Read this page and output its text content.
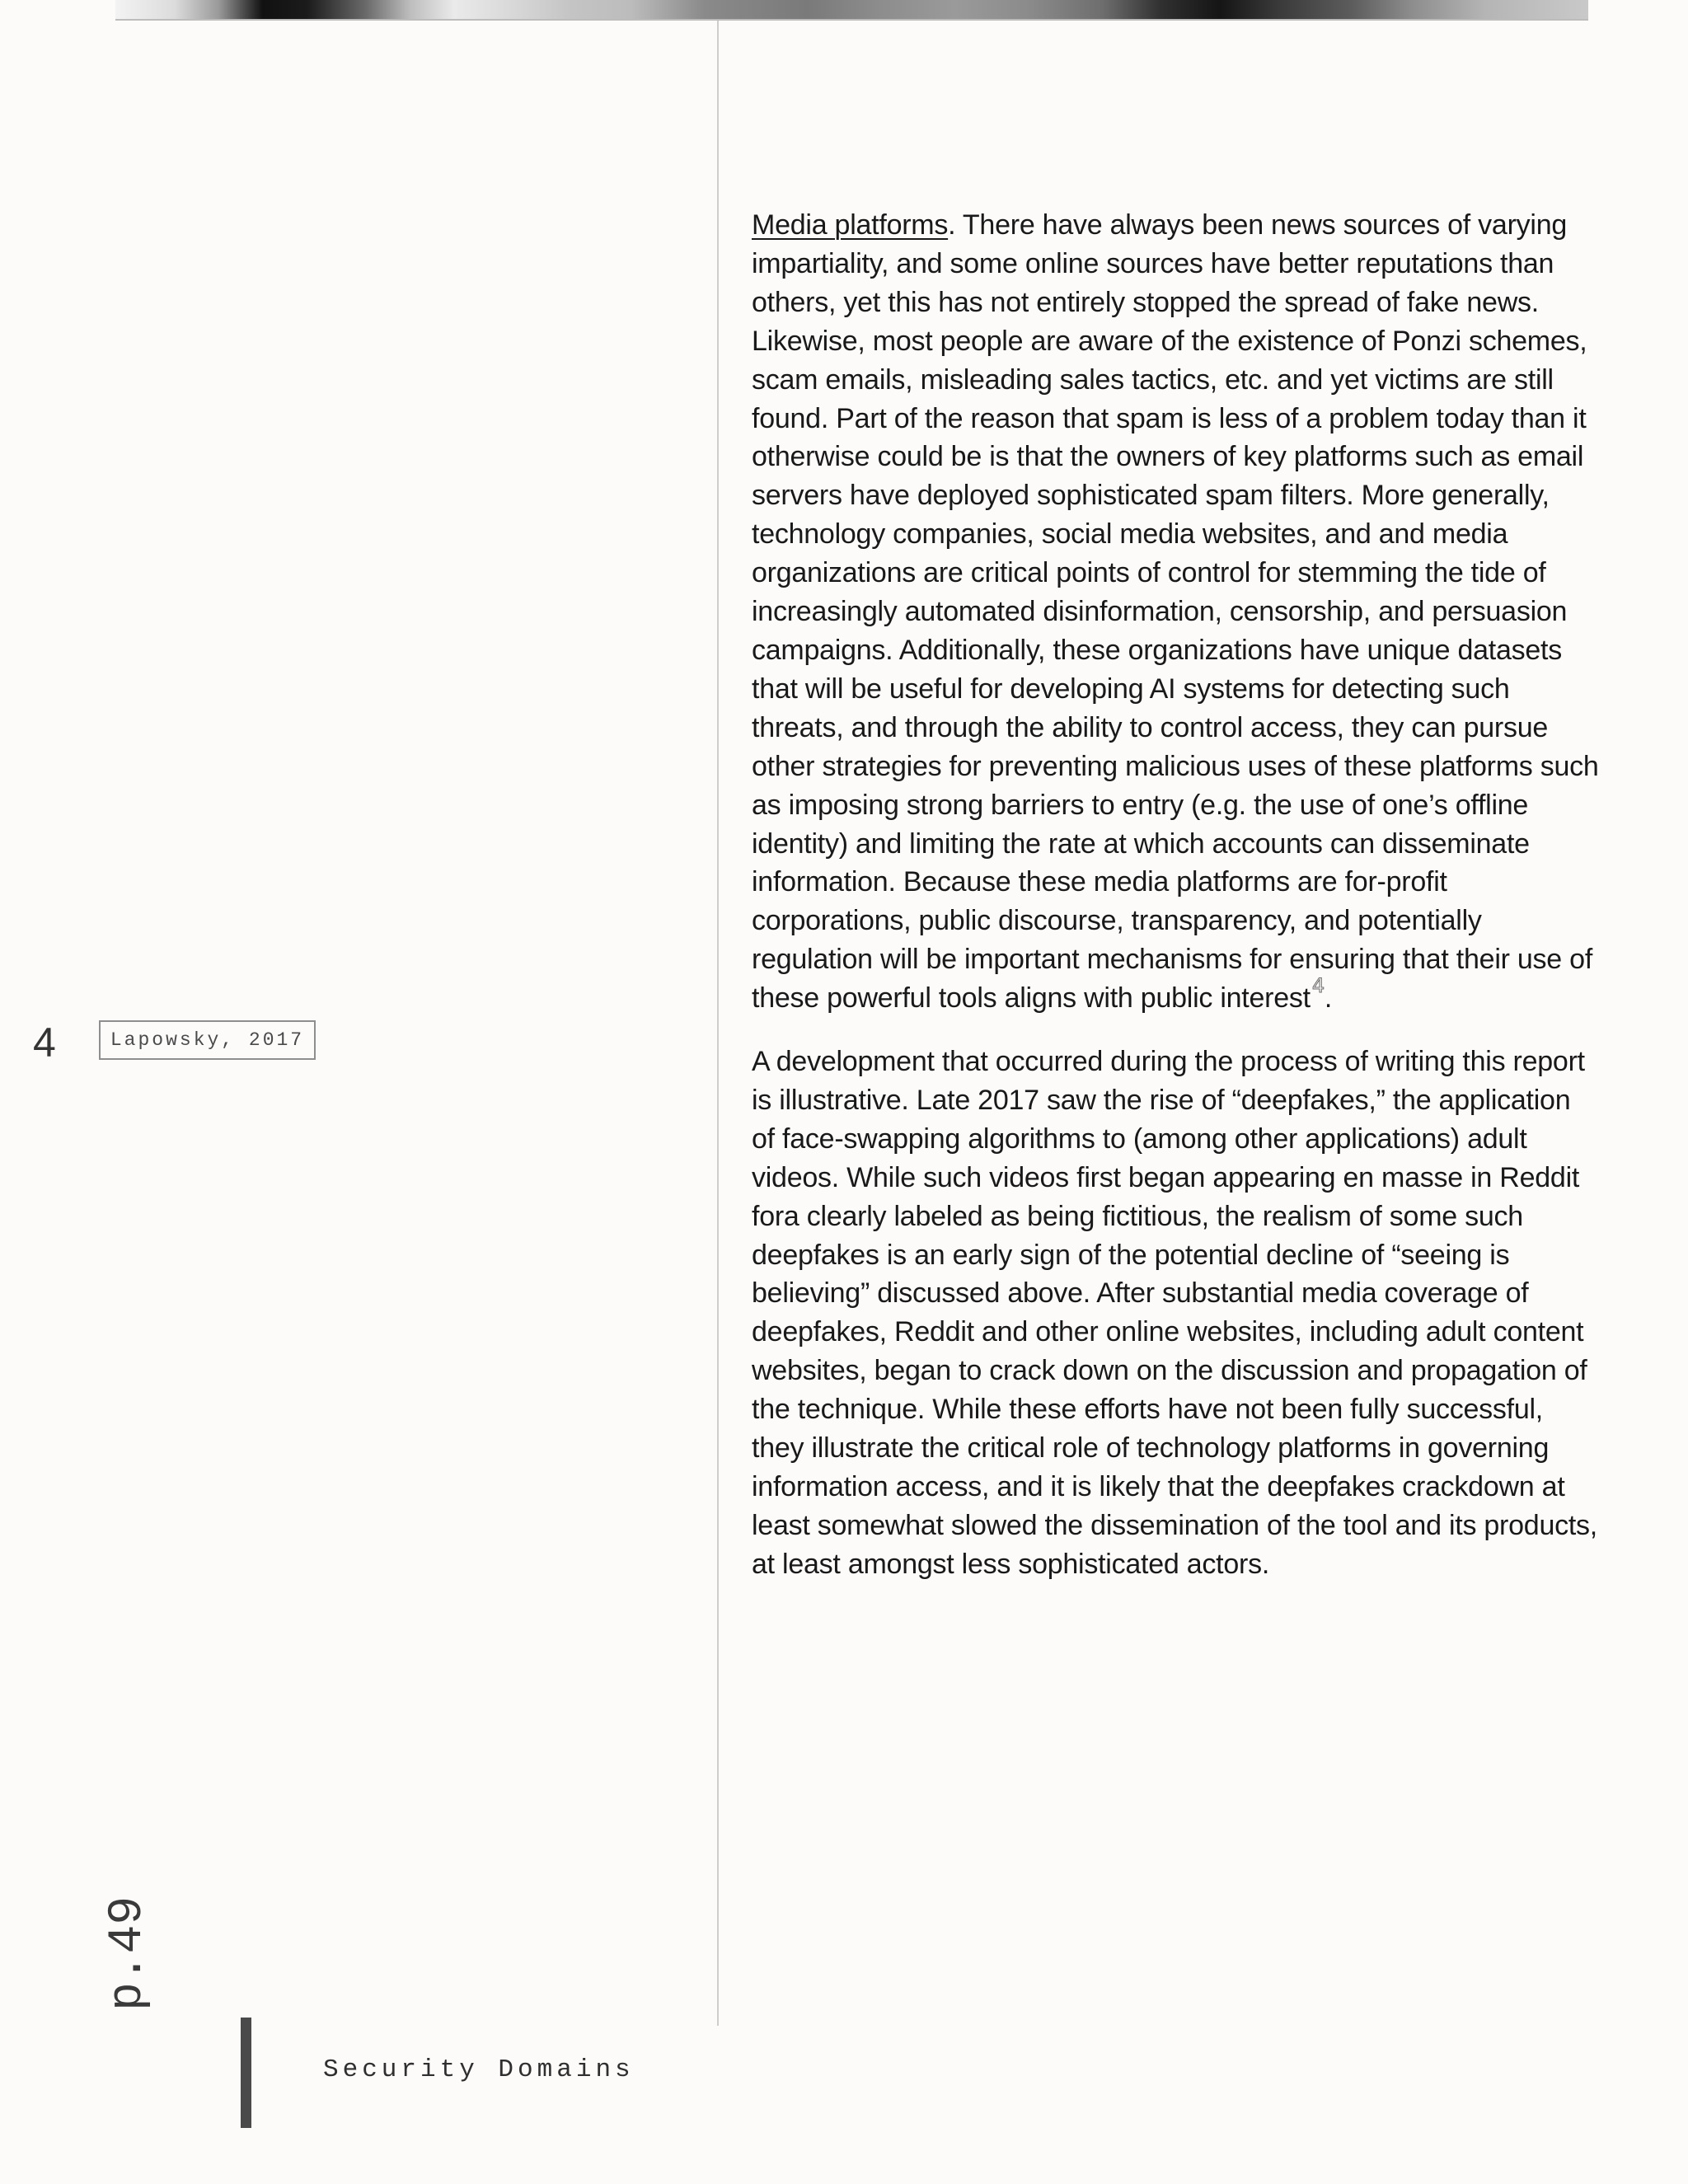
Media platforms. There have always been news sources of varying impartiality, and some online sources have better reputations than others, yet this has not entirely stopped the spread of fake news. Likewise, most people are aware of the existence of Ponzi schemes, scam emails, misleading sales tactics, etc. and yet victims are still found. Part of the reason that spam is less of a problem today than it otherwise could be is that the owners of key platforms such as email servers have deployed sophisticated spam filters. More generally, technology companies, social media websites, and and media organizations are critical points of control for stemming the tide of increasingly automated disinformation, censorship, and persuasion campaigns. Additionally, these organizations have unique datasets that will be useful for developing AI systems for detecting such threats, and through the ability to control access, they can pursue other strategies for preventing malicious uses of these platforms such as imposing strong barriers to entry (e.g. the use of one’s offline identity) and limiting the rate at which accounts can disseminate information. Because these media platforms are for-profit corporations, public discourse, transparency, and potentially regulation will be important mechanisms for ensuring that their use of these powerful tools aligns with public interest$^4$.

A development that occurred during the process of writing this report is illustrative. Late 2017 saw the rise of “deepfakes,” the application of face-swapping algorithms to (among other applications) adult videos. While such videos first began appearing en masse in Reddit fora clearly labeled as being fictitious, the realism of some such deepfakes is an early sign of the potential decline of “seeing is believing” discussed above. After substantial media coverage of deepfakes, Reddit and other online websites, including adult content websites, began to crack down on the discussion and propagation of the technique. While these efforts have not been fully successful, they illustrate the critical role of technology platforms in governing information access, and it is likely that the deepfakes crackdown at least somewhat slowed the dissemination of the tool and its products, at least amongst less sophisticated actors.

4	Lapowsky, 2017
p.49
Security Domains
